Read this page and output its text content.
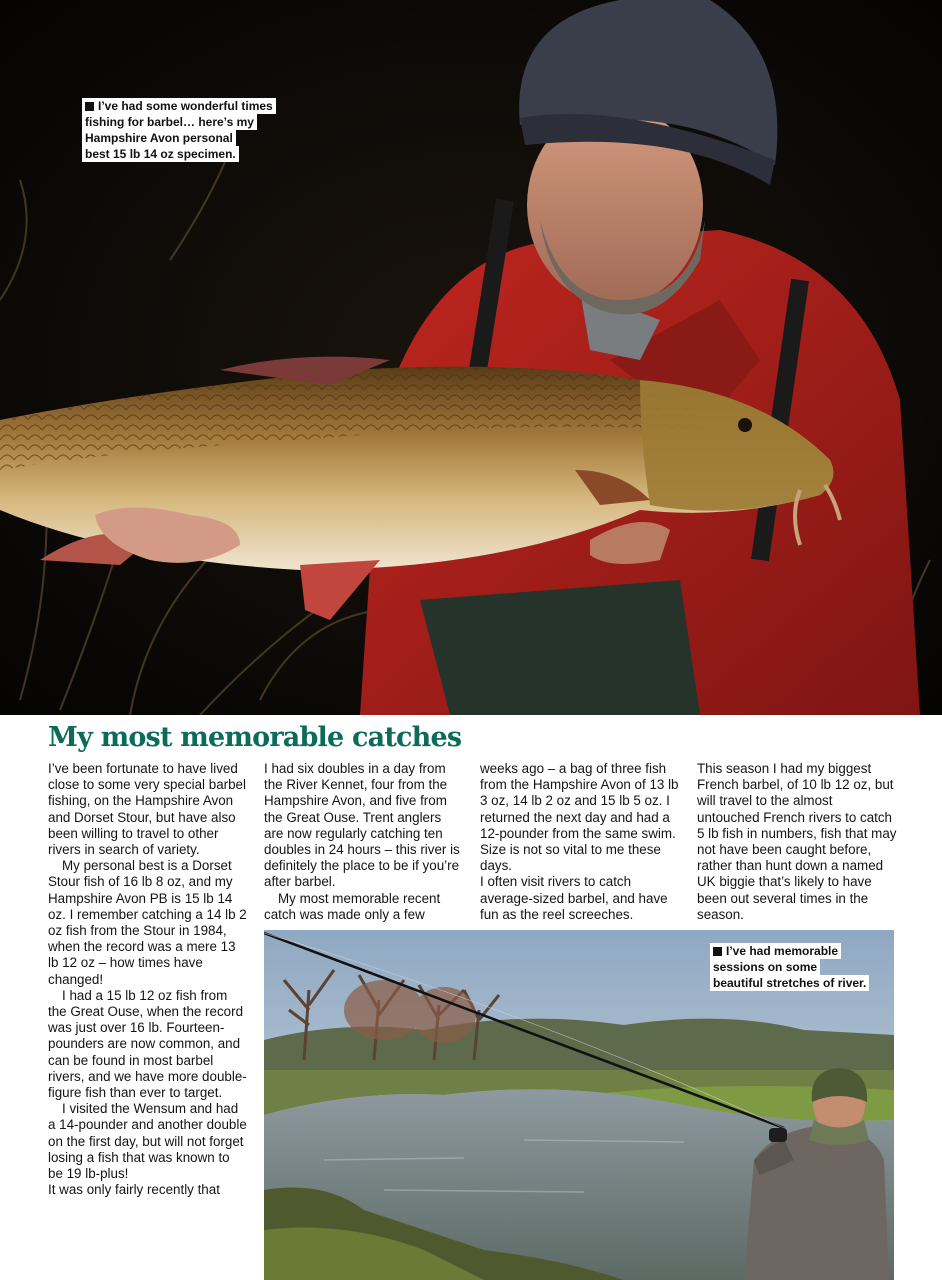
I’ve had some wonderful times
fishing for barbel… here’s my
Hampshire Avon personal
best 15 lb 14 oz specimen.
My most memorable catches

I’ve been fortunate to have lived close to some very special barbel fishing, on the Hampshire Avon and Dorset Stour, but have also been willing to travel to other rivers in search of variety.

My personal best is a Dorset Stour fish of 16 lb 8 oz, and my Hampshire Avon PB is 15 lb 14 oz. I remember catching a 14 lb 2 oz fish from the Stour in 1984, when the record was a mere 13 lb 12 oz – how times have changed!

I had a 15 lb 12 oz fish from the Great Ouse, when the record was just over 16 lb. Fourteen-pounders are now common, and can be found in most barbel rivers, and we have more double-figure fish than ever to target.

I visited the Wensum and had a 14-pounder and another double on the first day, but will not forget losing a fish that was known to be 19 lb-plus!

It was only fairly recently that

I had six doubles in a day from the River Kennet, four from the Hampshire Avon, and five from the Great Ouse. Trent anglers are now regularly catching ten doubles in 24 hours – this river is definitely the place to be if you’re after barbel.

My most memorable recent catch was made only a few

weeks ago – a bag of three fish from the Hampshire Avon of 13 lb 3 oz, 14 lb 2 oz and 15 lb 5 oz. I returned the next day and had a 12-pounder from the same swim. Size is not so vital to me these days.

I often visit rivers to catch average-sized barbel, and have fun as the reel screeches.

This season I had my biggest French barbel, of 10 lb 12 oz, but will travel to the almost untouched French rivers to catch 5 lb fish in numbers, fish that may not have been caught before, rather than hunt down a named UK biggie that’s likely to have been out several times in the season.

I’ve had memorable
sessions on some
beautiful stretches of river.
